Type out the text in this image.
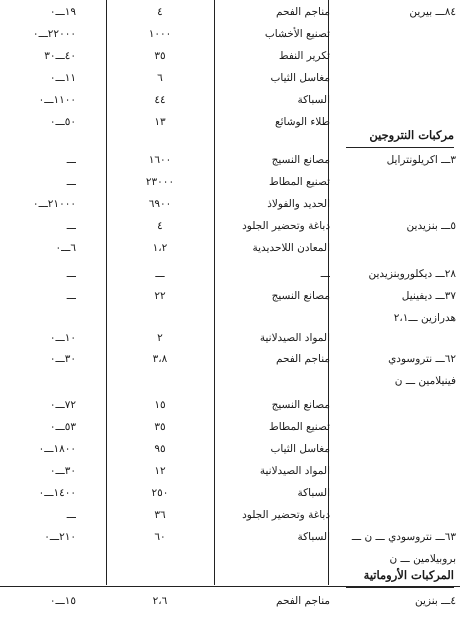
١٩ـــ٠	٤	مناجم الفحم	٨٤ـــ بيرين
٢٢٠٠٠ـــ٠	١٠٠٠	تصنيع الأخشاب
٤٠ـــ٣٠	٣٥	تكرير النفط
١١ـــ٠	٦	مغاسل الثياب
١١٠٠ـــ٠	٤٤	السباكة
٥٠ـــ٠	١٣	طلاء الوشائع
ـــ	١٦٠٠	مصانع النسيج	٣ـــ اكريلونترايل
ـــ	٢٣٠٠٠	تصنيع المطاط
٢١٠٠٠ـــ٠	٦٩٠٠	الحديد والفولاذ
ـــ	٤	دباغة وتحضير الجلود	٥ـــ بنزيدين
٦ـــ٠	١،٢	المعادن اللاحديدية
ـــ	ـــ	ـــ	٢٨ـــ ديكلوروبنزيدين
ـــ	٢٢	مصانع النسيج	٣٧ـــ ديفينيل
هدرازين ـــ٢،١
١٠ـــ٠	٢	المواد الصيدلانية
٣٠ـــ٠	٣،٨	مناجم الفحم	٦٢ـــ نتروسودي
فينيلامين ـــ ن
٧٢ـــ٠	١٥	مصانع النسيج
٥٣ـــ٠	٣٥	تصنيع المطاط
١٨٠٠ـــ٠	٩٥	مغاسل الثياب
٣٠ـــ٠	١٢	المواد الصيدلانية
١٤٠٠ـــ٠	٢٥٠	السباكة
ـــ	٣٦	دباغة وتحضير الجلود
٢١٠ـــ٠	٦٠	السباكة	٦٣ـــ نتروسودي ـــ ن ـــ
بروبيلامين ـــ ن
١٥ـــ٠	٢،٦	مناجم الفحم	٤ـــ بنزين
مركبات النتروجين
المركبات الأروماتية
